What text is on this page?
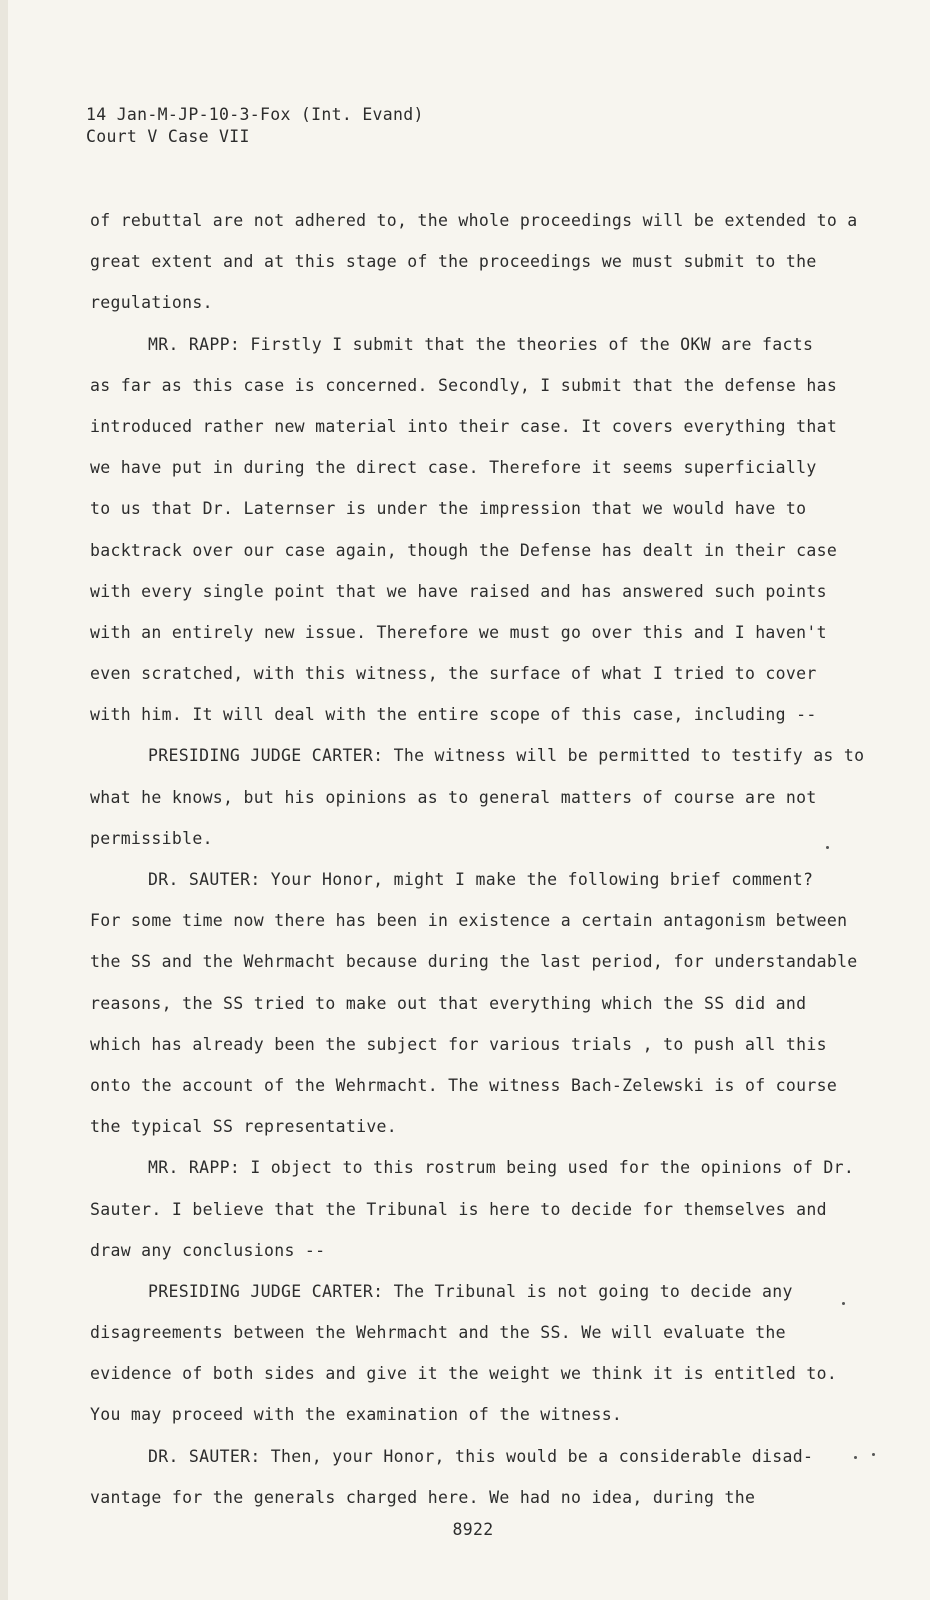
14 Jan-M-JP-10-3-Fox (Int. Evand)
Court V Case VII
of rebuttal are not adhered to, the whole proceedings will be extended to a
great extent and at this stage of the proceedings we must submit to the
regulations.
MR. RAPP: Firstly I submit that the theories of the OKW are facts
as far as this case is concerned. Secondly, I submit that the defense has
introduced rather new material into their case. It covers everything that
we have put in during the direct case. Therefore it seems superficially
to us that Dr. Laternser is under the impression that we would have to
backtrack over our case again, though the Defense has dealt in their case
with every single point that we have raised and has answered such points
with an entirely new issue. Therefore we must go over this and I haven't
even scratched, with this witness, the surface of what I tried to cover
with him. It will deal with the entire scope of this case, including --
PRESIDING JUDGE CARTER: The witness will be permitted to testify as to
what he knows, but his opinions as to general matters of course are not
permissible.
DR. SAUTER: Your Honor, might I make the following brief comment?
For some time now there has been in existence a certain antagonism between
the SS and the Wehrmacht because during the last period, for understandable
reasons, the SS tried to make out that everything which the SS did and
which has already been the subject for various trials , to push all this
onto the account of the Wehrmacht. The witness Bach-Zelewski is of course
the typical SS representative.
MR. RAPP: I object to this rostrum being used for the opinions of Dr.
Sauter. I believe that the Tribunal is here to decide for themselves and
draw any conclusions --
PRESIDING JUDGE CARTER: The Tribunal is not going to decide any
disagreements between the Wehrmacht and the SS. We will evaluate the
evidence of both sides and give it the weight we think it is entitled to.
You may proceed with the examination of the witness.
DR. SAUTER: Then, your Honor, this would be a considerable disad-
vantage for the generals charged here. We had no idea, during the
8922
